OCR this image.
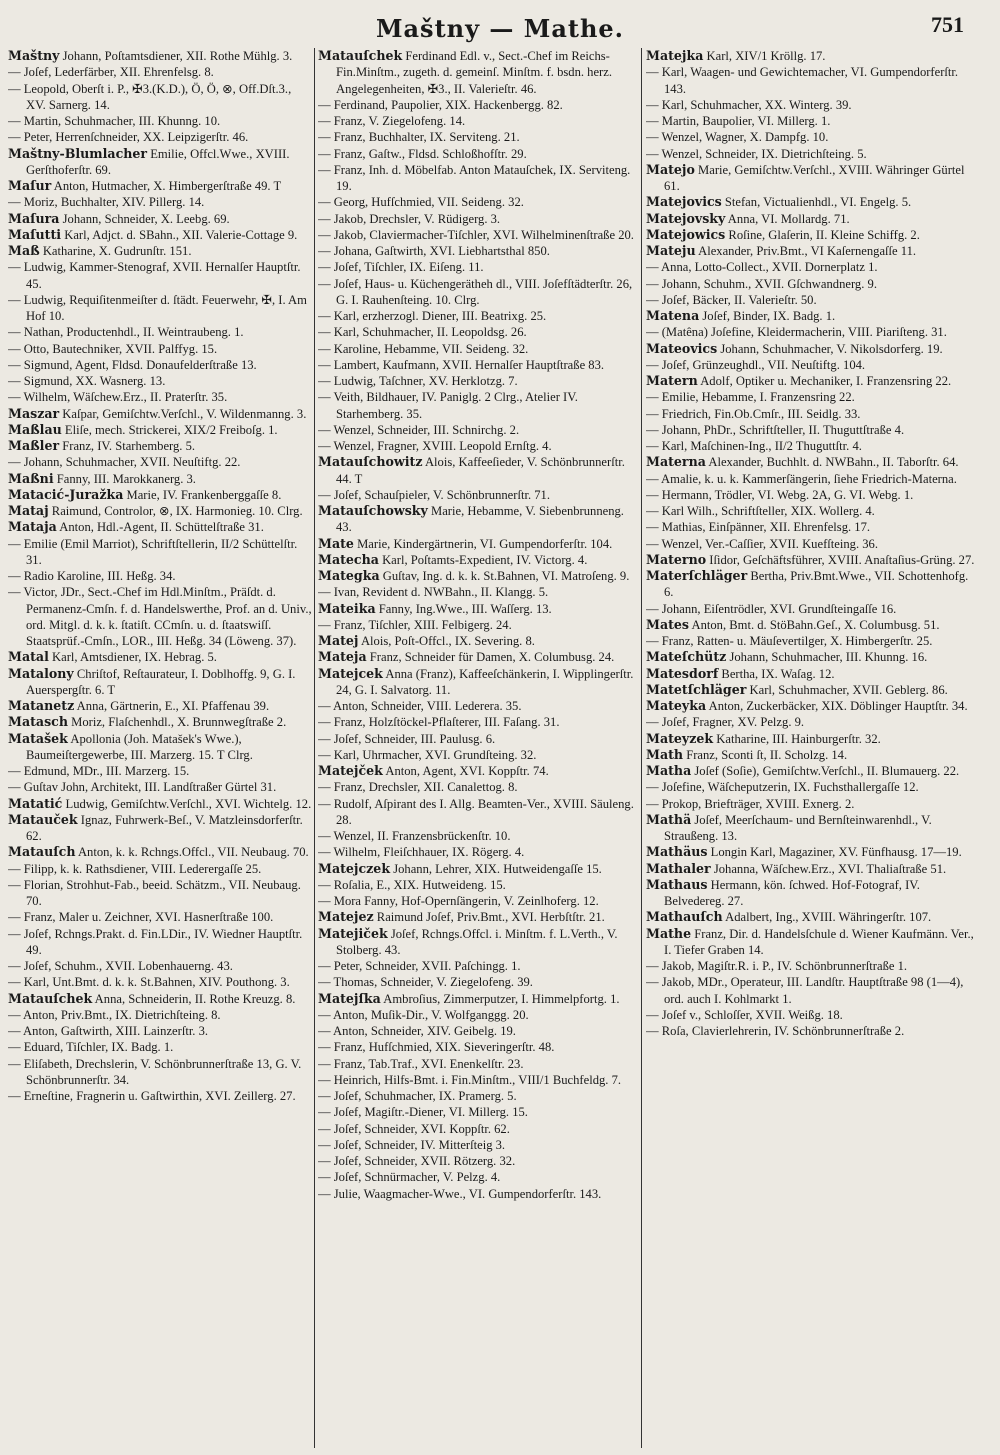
Maštny — Mathe.	751

Maštny Johann, Poſtamtsdiener, XII. Rothe Mühlg. 3.

— Joſef, Lederfärber, XII. Ehrenfelsg. 8.

— Leopold, Oberſt i. P., ✠3.(K.D.), Ö, Ö, ⊗, Off.Dſt.3., XV. Sarnerg. 14.

— Martin, Schuhmacher, III. Khunng. 10.

— Peter, Herrenſchneider, XX. Leipzigerſtr. 46.

Maštny-Blumlacher Emilie, Offcl.Wwe., XVIII. Gerſthoferſtr. 69.

Maſur Anton, Hutmacher, X. Himbergerſtraße 49. T

— Moriz, Buchhalter, XIV. Pillerg. 14.

Maſura Johann, Schneider, X. Leebg. 69.

Maſutti Karl, Adjct. d. SBahn., XII. Valerie-Cottage 9.

Maß Katharine, X. Gudrunſtr. 151.

— Ludwig, Kammer-Stenograf, XVII. Hernalſer Hauptſtr. 45.

— Ludwig, Requiſitenmeiſter d. ſtädt. Feuerwehr, ✠, I. Am Hof 10.

— Nathan, Productenhdl., II. Weintraubeng. 1.

— Otto, Bautechniker, XVII. Palffyg. 15.

— Sigmund, Agent, Fldsd. Donaufelderſtraße 13.

— Sigmund, XX. Wasnerg. 13.

— Wilhelm, Wäſchew.Erz., II. Praterſtr. 35.

Maszar Kaſpar, Gemiſchtw.Verſchl., V. Wildenmanng. 3.

Maßlau Eliſe, mech. Strickerei, XIX/2 Freiboſg. 1.

Maßler Franz, IV. Starhemberg. 5.

— Johann, Schuhmacher, XVII. Neuſtiftg. 22.

Maßni Fanny, III. Marokkanerg. 3.

Matacić-Juražka Marie, IV. Frankenberggaſſe 8.

Mataj Raimund, Controlor, ⊗, IX. Harmonieg. 10. Clrg.

Mataja Anton, Hdl.-Agent, II. Schüttelſtraße 31.

— Emilie (Emil Marriot), Schriftſtellerin, II/2 Schüttelſtr. 31.

— Radio Karoline, III. Heßg. 34.

— Victor, JDr., Sect.-Chef im Hdl.Minſtm., Präſdt. d. Permanenz-Cmſn. f. d. Handelswerthe, Prof. an d. Univ., ord. Mitgl. d. k. k. ſtatiſt. CCmſn. u. d. ſtaatswiſſ. Staatsprüf.-Cmſn., LOR., III. Heßg. 34 (Löweng. 37).

Matal Karl, Amtsdiener, IX. Hebrag. 5.

Matalony Chriſtof, Reſtaurateur, I. Doblhoffg. 9, G. I. Auerspergſtr. 6. T

Matanetz Anna, Gärtnerin, E., XI. Pfaffenau 39.

Matasch Moriz, Flaſchenhdl., X. Brunnwegſtraße 2.

Matašek Apollonia (Joh. Matašek's Wwe.), Baumeiſtergewerbe, III. Marzerg. 15. T Clrg.

— Edmund, MDr., III. Marzerg. 15.

— Guſtav John, Architekt, III. Landſtraßer Gürtel 31.

Matatić Ludwig, Gemiſchtw.Verſchl., XVI. Wichtelg. 12.

Matauček Ignaz, Fuhrwerk-Beſ., V. Matzleinsdorferſtr. 62.

Matauſch Anton, k. k. Rchngs.Offcl., VII. Neubaug. 70.

— Filipp, k. k. Rathsdiener, VIII. Lederergaſſe 25.

— Florian, Strohhut-Fab., beeid. Schätzm., VII. Neubaug. 70.

— Franz, Maler u. Zeichner, XVI. Hasnerſtraße 100.

— Joſef, Rchngs.Prakt. d. Fin.LDir., IV. Wiedner Hauptſtr. 49.

— Joſef, Schuhm., XVII. Lobenhauerng. 43.

— Karl, Unt.Bmt. d. k. k. St.Bahnen, XIV. Pouthong. 3.

Matauſchek Anna, Schneiderin, II. Rothe Kreuzg. 8.

— Anton, Priv.Bmt., IX. Dietrichſteing. 8.

— Anton, Gaſtwirth, XIII. Lainzerſtr. 3.

— Eduard, Tiſchler, IX. Badg. 1.

— Eliſabeth, Drechslerin, V. Schönbrunnerſtraße 13, G. V. Schönbrunnerſtr. 34.

— Erneſtine, Fragnerin u. Gaſtwirthin, XVI. Zeillerg. 27.

Matauſchek Ferdinand Edl. v., Sect.-Chef im Reichs-Fin.Minſtm., zugeth. d. gemeinſ. Minſtm. f. bsdn. herz. Angelegenheiten, ✠3., II. Valerieſtr. 46.

— Ferdinand, Paupolier, XIX. Hackenbergg. 82.

— Franz, V. Ziegelofeng. 14.

— Franz, Buchhalter, IX. Serviteng. 21.

— Franz, Gaſtw., Fldsd. Schloßhofſtr. 29.

— Franz, Inh. d. Möbelfab. Anton Matauſchek, IX. Serviteng. 19.

— Georg, Hufſchmied, VII. Seideng. 32.

— Jakob, Drechsler, V. Rüdigerg. 3.

— Jakob, Claviermacher-Tiſchler, XVI. Wilhelminenſtraße 20.

— Johana, Gaſtwirth, XVI. Liebhartsthal 850.

— Joſef, Tiſchler, IX. Eiſeng. 11.

— Joſef, Haus- u. Küchengerätheh dl., VIII. Joſefſtädterſtr. 26, G. I. Rauhenſteing. 10. Clrg.

— Karl, erzherzogl. Diener, III. Beatrixg. 25.

— Karl, Schuhmacher, II. Leopoldsg. 26.

— Karoline, Hebamme, VII. Seideng. 32.

— Lambert, Kaufmann, XVII. Hernalſer Hauptſtraße 83.

— Ludwig, Taſchner, XV. Herklotzg. 7.

— Veith, Bildhauer, IV. Paniglg. 2 Clrg., Atelier IV. Starhemberg. 35.

— Wenzel, Schneider, III. Schnirchg. 2.

— Wenzel, Fragner, XVIII. Leopold Ernſtg. 4.

Matauſchowitz Alois, Kaffeeſieder, V. Schönbrunnerſtr. 44. T

— Joſef, Schauſpieler, V. Schönbrunnerſtr. 71.

Matauſchowsky Marie, Hebamme, V. Siebenbrunneng. 43.

Mate Marie, Kindergärtnerin, VI. Gumpendorferſtr. 104.

Matecha Karl, Poſtamts-Expedient, IV. Victorg. 4.

Mategka Guſtav, Ing. d. k. k. St.Bahnen, VI. Matroſeng. 9.

— Ivan, Revident d. NWBahn., II. Klangg. 5.

Mateika Fanny, Ing.Wwe., III. Waſſerg. 13.

— Franz, Tiſchler, XIII. Felbigerg. 24.

Matej Alois, Poſt-Offcl., IX. Severing. 8.

Mateja Franz, Schneider für Damen, X. Columbusg. 24.

Matejcek Anna (Franz), Kaffeeſchänkerin, I. Wipplingerſtr. 24, G. I. Salvatorg. 11.

— Anton, Schneider, VIII. Lederera. 35.

— Franz, Holzſtöckel-Pflaſterer, III. Faſang. 31.

— Joſef, Schneider, III. Paulusg. 6.

— Karl, Uhrmacher, XVI. Grundſteing. 32.

Matejček Anton, Agent, XVI. Koppſtr. 74.

— Franz, Drechsler, XII. Canalettog. 8.

— Rudolf, Aſpirant des I. Allg. Beamten-Ver., XVIII. Säuleng. 28.

— Wenzel, II. Franzensbrückenſtr. 10.

— Wilhelm, Fleiſchhauer, IX. Rögerg. 4.

Matejczek Johann, Lehrer, XIX. Hutweidengaſſe 15.

— Roſalia, E., XIX. Hutweideng. 15.

— Mora Fanny, Hof-Opernſängerin, V. Zeinlhoferg. 12.

Matejez Raimund Joſef, Priv.Bmt., XVI. Herbſtſtr. 21.

Matejiček Joſef, Rchngs.Offcl. i. Minſtm. f. L.Verth., V. Stolberg. 43.

— Peter, Schneider, XVII. Paſchingg. 1.

— Thomas, Schneider, V. Ziegelofeng. 39.

Matejſka Ambroſius, Zimmerputzer, I. Himmelpfortg. 1.

— Anton, Muſik-Dir., V. Wolfganggg. 20.

— Anton, Schneider, XIV. Geibelg. 19.

— Franz, Hufſchmied, XIX. Sieveringerſtr. 48.

— Franz, Tab.Traf., XVI. Enenkelſtr. 23.

— Heinrich, Hilfs-Bmt. i. Fin.Minſtm., VIII/1 Buchfeldg. 7.

— Joſef, Schuhmacher, IX. Pramerg. 5.

— Joſef, Magiſtr.-Diener, VI. Millerg. 15.

— Joſef, Schneider, XVI. Koppſtr. 62.

— Joſef, Schneider, IV. Mitterſteig 3.

— Joſef, Schneider, XVII. Rötzerg. 32.

— Joſef, Schnürmacher, V. Pelzg. 4.

— Julie, Waagmacher-Wwe., VI. Gumpendorferſtr. 143.

Matejka Karl, XIV/1 Kröllg. 17.

— Karl, Waagen- und Gewichtemacher, VI. Gumpendorferſtr. 143.

— Karl, Schuhmacher, XX. Winterg. 39.

— Martin, Baupolier, VI. Millerg. 1.

— Wenzel, Wagner, X. Dampfg. 10.

— Wenzel, Schneider, IX. Dietrichſteing. 5.

Matejo Marie, Gemiſchtw.Verſchl., XVIII. Währinger Gürtel 61.

Matejovics Stefan, Victualienhdl., VI. Engelg. 5.

Matejovsky Anna, VI. Mollardg. 71.

Matejowics Roſine, Glaſerin, II. Kleine Schiffg. 2.

Mateju Alexander, Priv.Bmt., VI Kaſernengaſſe 11.

— Anna, Lotto-Collect., XVII. Dornerplatz 1.

— Johann, Schuhm., XVII. Gſchwandnerg. 9.

— Joſef, Bäcker, II. Valerieſtr. 50.

Matena Joſef, Binder, IX. Badg. 1.

— (Matêna) Joſefine, Kleidermacherin, VIII. Piariſteng. 31.

Mateovics Johann, Schuhmacher, V. Nikolsdorferg. 19.

— Joſef, Grünzeughdl., VII. Neuſtiftg. 104.

Matern Adolf, Optiker u. Mechaniker, I. Franzensring 22.

— Emilie, Hebamme, I. Franzensring 22.

— Friedrich, Fin.Ob.Cmſr., III. Seidlg. 33.

— Johann, PhDr., Schriftſteller, II. Thuguttſtraße 4.

— Karl, Maſchinen-Ing., II/2 Thuguttſtr. 4.

Materna Alexander, Buchhlt. d. NWBahn., II. Taborſtr. 64.

— Amalie, k. u. k. Kammerſängerin, ſiehe Friedrich-Materna.

— Hermann, Trödler, VI. Webg. 2A, G. VI. Webg. 1.

— Karl Wilh., Schriftſteller, XIX. Wollerg. 4.

— Mathias, Einſpänner, XII. Ehrenfelsg. 17.

— Wenzel, Ver.-Caſſier, XVII. Kuefſteing. 36.

Materno Iſidor, Geſchäftsführer, XVIII. Anaſtaſius-Grüng. 27.

Materſchläger Bertha, Priv.Bmt.Wwe., VII. Schottenhofg. 6.

— Johann, Eiſentrödler, XVI. Grundſteingaſſe 16.

Mates Anton, Bmt. d. StöBahn.Geſ., X. Columbusg. 51.

— Franz, Ratten- u. Mäuſevertilger, X. Himbergerſtr. 25.

Mateſchütz Johann, Schuhmacher, III. Khunng. 16.

Matesdorf Bertha, IX. Waſag. 12.

Matetſchläger Karl, Schuhmacher, XVII. Geblerg. 86.

Mateyka Anton, Zuckerbäcker, XIX. Döblinger Hauptſtr. 34.

— Joſef, Fragner, XV. Pelzg. 9.

Mateyzek Katharine, III. Hainburgerſtr. 32.

Math Franz, Sconti ſt, II. Scholzg. 14.

Matha Joſef (Soſie), Gemiſchtw.Verſchl., II. Blumauerg. 22.

— Joſefine, Wäſcheputzerin, IX. Fuchsthallergaſſe 12.

— Prokop, Briefträger, XVIII. Exnerg. 2.

Mathä Joſef, Meerſchaum- und Bernſteinwarenhdl., V. Straußeng. 13.

Mathäus Longin Karl, Magaziner, XV. Fünfhausg. 17—19.

Mathaler Johanna, Wäſchew.Erz., XVI. Thaliaſtraße 51.

Mathaus Hermann, kön. ſchwed. Hof-Fotograf, IV. Belvedereg. 27.

Mathauſch Adalbert, Ing., XVIII. Währingerſtr. 107.

Mathe Franz, Dir. d. Handelsſchule d. Wiener Kaufmänn. Ver., I. Tiefer Graben 14.

— Jakob, Magiſtr.R. i. P., IV. Schönbrunnerſtraße 1.

— Jakob, MDr., Operateur, III. Landſtr. Hauptſtraße 98 (1—4), ord. auch I. Kohlmarkt 1.

— Joſef v., Schloſſer, XVII. Weißg. 18.

— Roſa, Clavierlehrerin, IV. Schönbrunnerſtraße 2.
